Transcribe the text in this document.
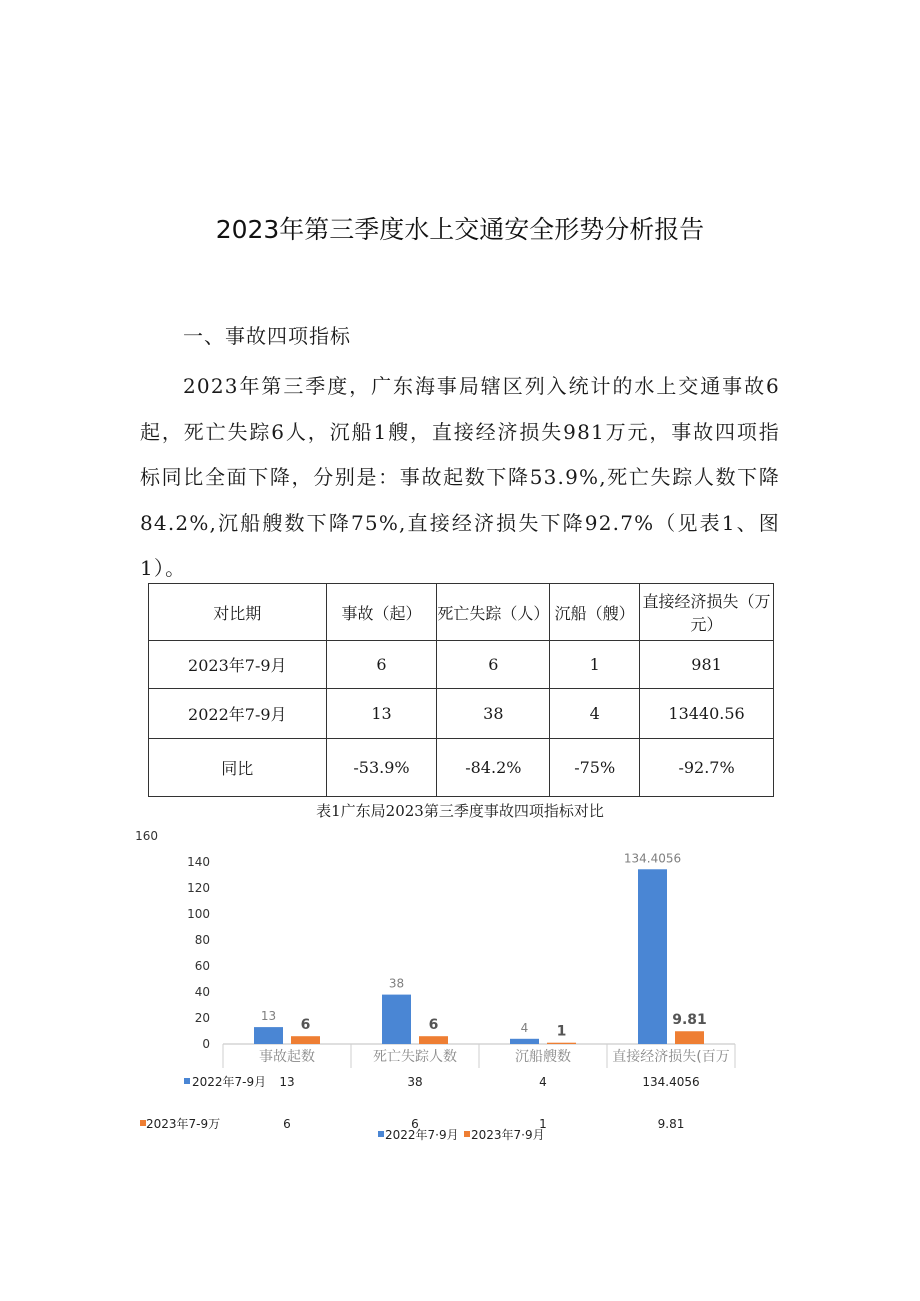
2023年第三季度水上交通安全形势分析报告
一、事故四项指标

2023年第三季度，广东海事局辖区列入统计的水上交通事故6起，死亡失踪6人，沉船1艘，直接经济损失981万元，事故四项指标同比全面下降，分别是：事故起数下降53.9%,死亡失踪人数下降84.2%,沉船艘数下降75%,直接经济损失下降92.7%（见表1、图1）。

对比期	事故（起）	死亡失踪（人）	沉船（艘）	直接经济损失（万元）
2023年7-9月	6	6	1	981
2022年7-9月	13	38	4	13440.56
同比	-53.9%	-84.2%	-75%	-92.7%
表1广东局2023第三季度事故四项指标对比
0
20
40
60
80
100
120
140
160
13
6
事故起数
38
6
死亡失踪人数
4 1
沉船艘数
134.4056
9.81
直接经济损失(百万
2022年7-9月 13	38	4	134.4056
2023年7-9万	6	6	1	9.81
2022年7·9月 2023年7·9月
